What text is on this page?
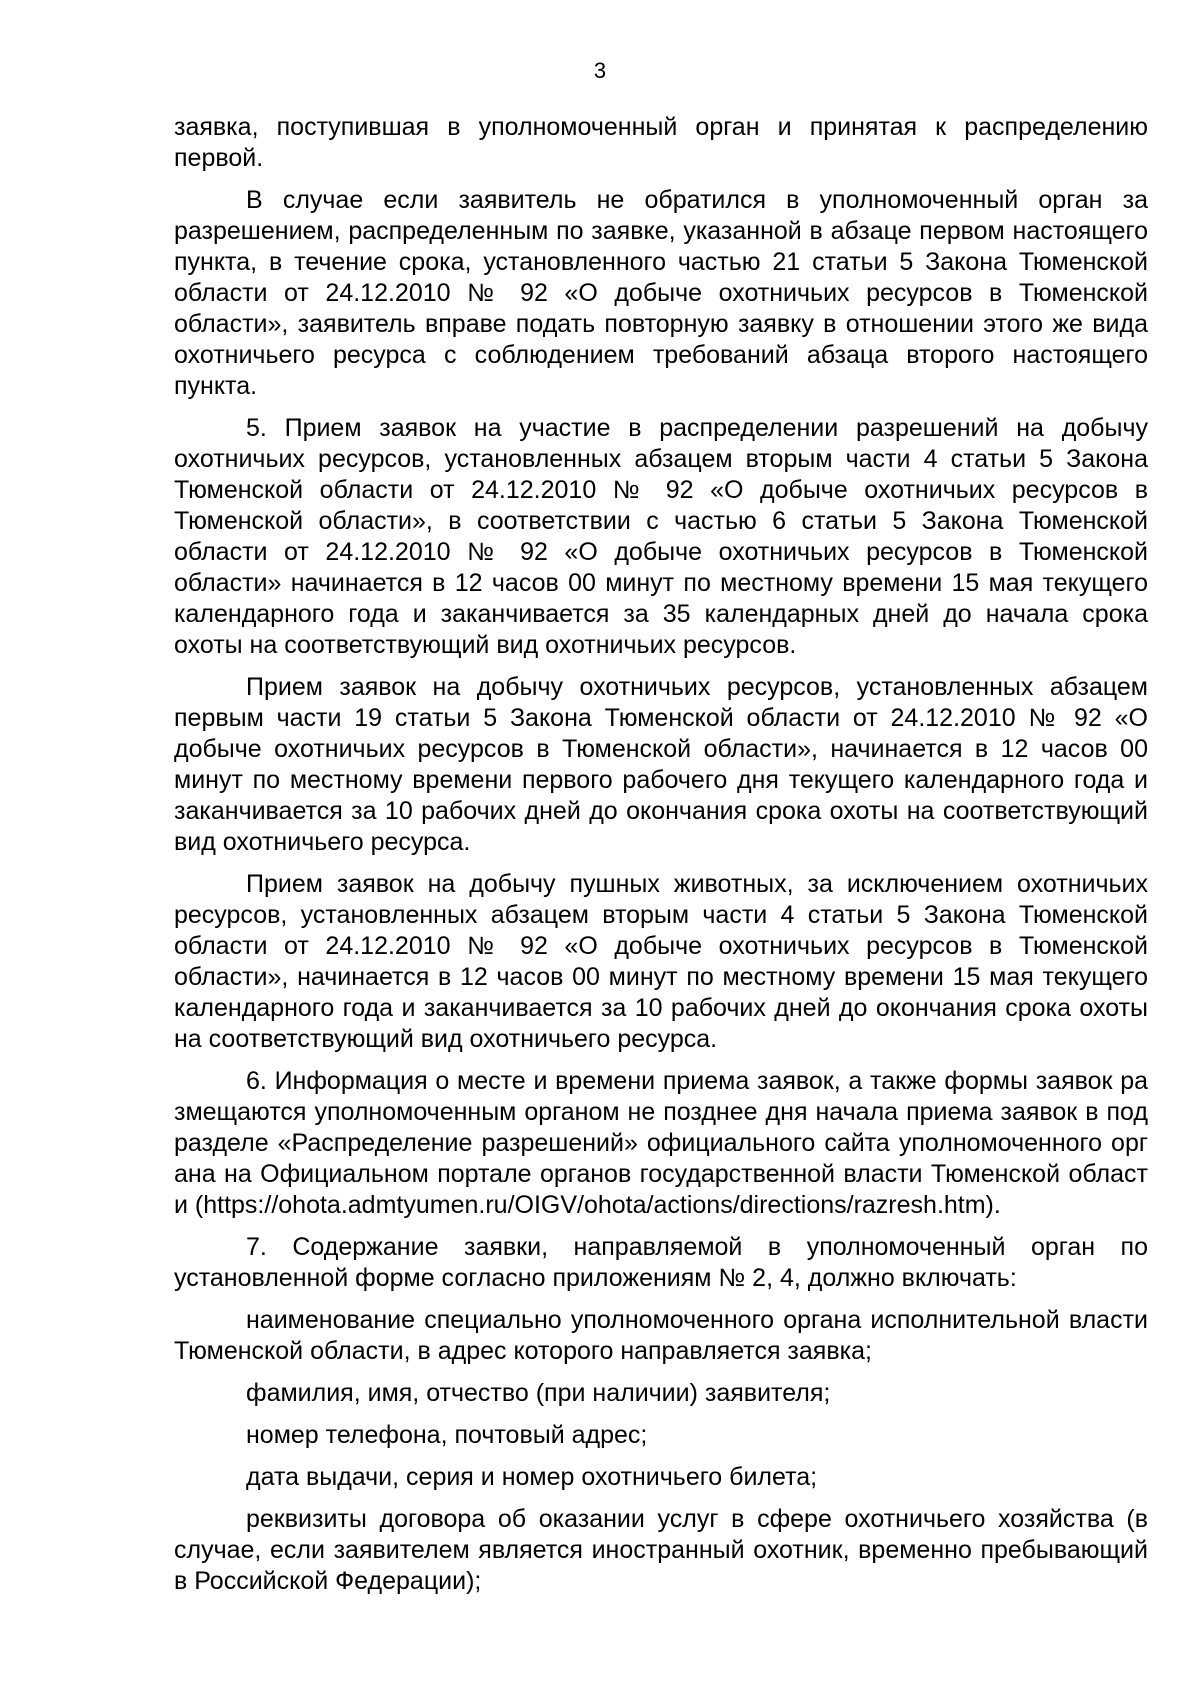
3

заявка, поступившая в уполномоченный орган и принятая к распределению первой.

В случае если заявитель не обратился в уполномоченный орган за разрешением, распределенным по заявке, указанной в абзаце первом настоящего пункта, в течение срока, установленного частью 21 статьи 5 Закона Тюменской области от 24.12.2010 № 92 «О добыче охотничьих ресурсов в Тюменской области», заявитель вправе подать повторную заявку в отношении этого же вида охотничьего ресурса с соблюдением требований абзаца второго настоящего пункта.

5. Прием заявок на участие в распределении разрешений на добычу охотничьих ресурсов, установленных абзацем вторым части 4 статьи 5 Закона Тюменской области от 24.12.2010 № 92 «О добыче охотничьих ресурсов в Тюменской области», в соответствии с частью 6 статьи 5 Закона Тюменской области от 24.12.2010 № 92 «О добыче охотничьих ресурсов в Тюменской области» начинается в 12 часов 00 минут по местному времени 15 мая текущего календарного года и заканчивается за 35 календарных дней до начала срока охоты на соответствующий вид охотничьих ресурсов.

Прием заявок на добычу охотничьих ресурсов, установленных абзацем первым части 19 статьи 5 Закона Тюменской области от 24.12.2010 № 92 «О добыче охотничьих ресурсов в Тюменской области», начинается в 12 часов 00 минут по местному времени первого рабочего дня текущего календарного года и заканчивается за 10 рабочих дней до окончания срока охоты на соответствующий вид охотничьего ресурса.

Прием заявок на добычу пушных животных, за исключением охотничьих ресурсов, установленных абзацем вторым части 4 статьи 5 Закона Тюменской области от 24.12.2010 № 92 «О добыче охотничьих ресурсов в Тюменской области», начинается в 12 часов 00 минут по местному времени 15 мая текущего календарного года и заканчивается за 10 рабочих дней до окончания срока охоты на соответствующий вид охотничьего ресурса.

6. Информация о месте и времени приема заявок, а также формы заявок размещаются уполномоченным органом не позднее дня начала приема заявок в подразделе «Распределение разрешений» официального сайта уполномоченного органа на Официальном портале органов государственной власти Тюменской области (https://ohota.admtyumen.ru/OIGV/ohota/actions/directions/razresh.htm).

7. Содержание заявки, направляемой в уполномоченный орган по установленной форме согласно приложениям № 2, 4, должно включать:

наименование специально уполномоченного органа исполнительной власти Тюменской области, в адрес которого направляется заявка;

фамилия, имя, отчество (при наличии) заявителя;

номер телефона, почтовый адрес;

дата выдачи, серия и номер охотничьего билета;

реквизиты договора об оказании услуг в сфере охотничьего хозяйства (в случае, если заявителем является иностранный охотник, временно пребывающий в Российской Федерации);
